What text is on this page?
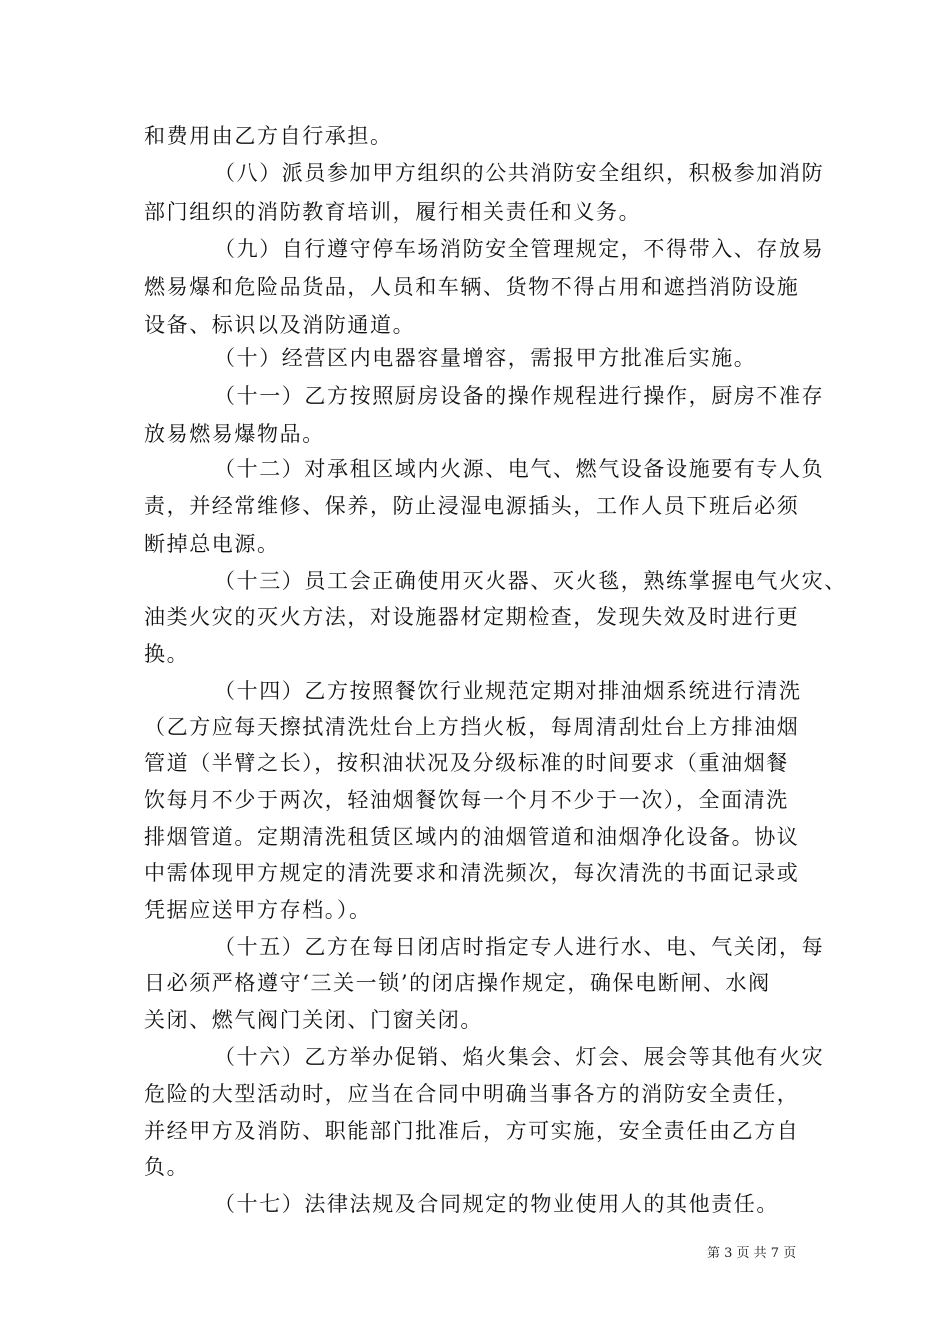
和费用由乙方自行承担。
（八）派员参加甲方组织的公共消防安全组织，积极参加消防
部门组织的消防教育培训，履行相关责任和义务。
（九）自行遵守停车场消防安全管理规定，不得带入、存放易
燃易爆和危险品货品，人员和车辆、货物不得占用和遮挡消防设施
设备、标识以及消防通道。
（十）经营区内电器容量增容，需报甲方批准后实施。
（十一）乙方按照厨房设备的操作规程进行操作，厨房不准存
放易燃易爆物品。
（十二）对承租区域内火源、电气、燃气设备设施要有专人负
责，并经常维修、保养，防止浸湿电源插头，工作人员下班后必须
断掉总电源。
（十三）员工会正确使用灭火器、灭火毯，熟练掌握电气火灾、
油类火灾的灭火方法，对设施器材定期检查，发现失效及时进行更
换。
（十四）乙方按照餐饮行业规范定期对排油烟系统进行清洗
（乙方应每天擦拭清洗灶台上方挡火板，每周清刮灶台上方排油烟
管道（半臂之长），按积油状况及分级标准的时间要求（重油烟餐
饮每月不少于两次，轻油烟餐饮每一个月不少于一次），全面清洗
排烟管道。定期清洗租赁区域内的油烟管道和油烟净化设备。协议
中需体现甲方规定的清洗要求和清洗频次，每次清洗的书面记录或
凭据应送甲方存档。）。
（十五）乙方在每日闭店时指定专人进行水、电、气关闭，每
日必须严格遵守‘三关一锁’的闭店操作规定，确保电断闸、水阀
关闭、燃气阀门关闭、门窗关闭。
（十六）乙方举办促销、焰火集会、灯会、展会等其他有火灾
危险的大型活动时，应当在合同中明确当事各方的消防安全责任，
并经甲方及消防、职能部门批准后，方可实施，安全责任由乙方自
负。
（十七）法律法规及合同规定的物业使用人的其他责任。
第 3 页 共 7 页
